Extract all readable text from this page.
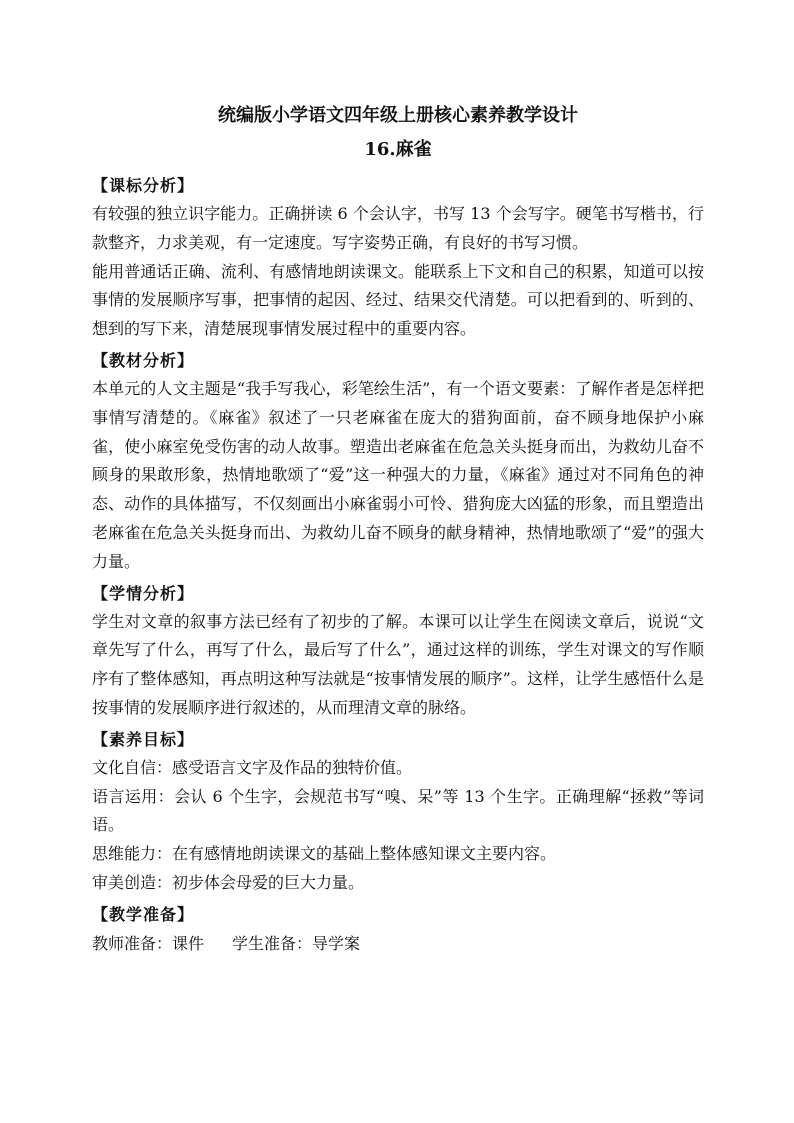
统编版小学语文四年级上册核心素养教学设计
16.麻雀

【课标分析】

有较强的独立识字能力。正确拼读 6 个会认字，书写 13 个会写字。硬笔书写楷书，行款整齐，力求美观，有一定速度。写字姿势正确，有良好的书写习惯。

能用普通话正确、流利、有感情地朗读课文。能联系上下文和自己的积累，知道可以按事情的发展顺序写事，把事情的起因、经过、结果交代清楚。可以把看到的、听到的、想到的写下来，清楚展现事情发展过程中的重要内容。

【教材分析】

本单元的人文主题是“我手写我心，彩笔绘生活”，有一个语文要素：了解作者是怎样把事情写清楚的。《麻雀》叙述了一只老麻雀在庞大的猎狗面前，奋不顾身地保护小麻雀，使小麻室免受伤害的动人故事。塑造出老麻雀在危急关头挺身而出，为救幼儿奋不顾身的果敢形象，热情地歌颂了“爱”这一种强大的力量，《麻雀》通过对不同角色的神态、动作的具体描写，不仅刻画出小麻雀弱小可怜、猎狗庞大凶猛的形象，而且塑造出老麻雀在危急关头挺身而出、为救幼儿奋不顾身的献身精神，热情地歌颂了“爱”的强大力量。

【学情分析】

学生对文章的叙事方法已经有了初步的了解。本课可以让学生在阅读文章后，说说“文章先写了什么，再写了什么，最后写了什么”，通过这样的训练，学生对课文的写作顺序有了整体感知，再点明这种写法就是“按事情发展的顺序”。这样，让学生感悟什么是按事情的发展顺序进行叙述的，从而理清文章的脉络。

【素养目标】

文化自信：感受语言文字及作品的独特价值。

语言运用：会认 6 个生字，会规范书写“嗅、呆”等 13 个生字。正确理解“拯救”等词语。

思维能力：在有感情地朗读课文的基础上整体感知课文主要内容。

审美创造：初步体会母爱的巨大力量。

【教学准备】

教师准备：课件 学生准备：导学案
